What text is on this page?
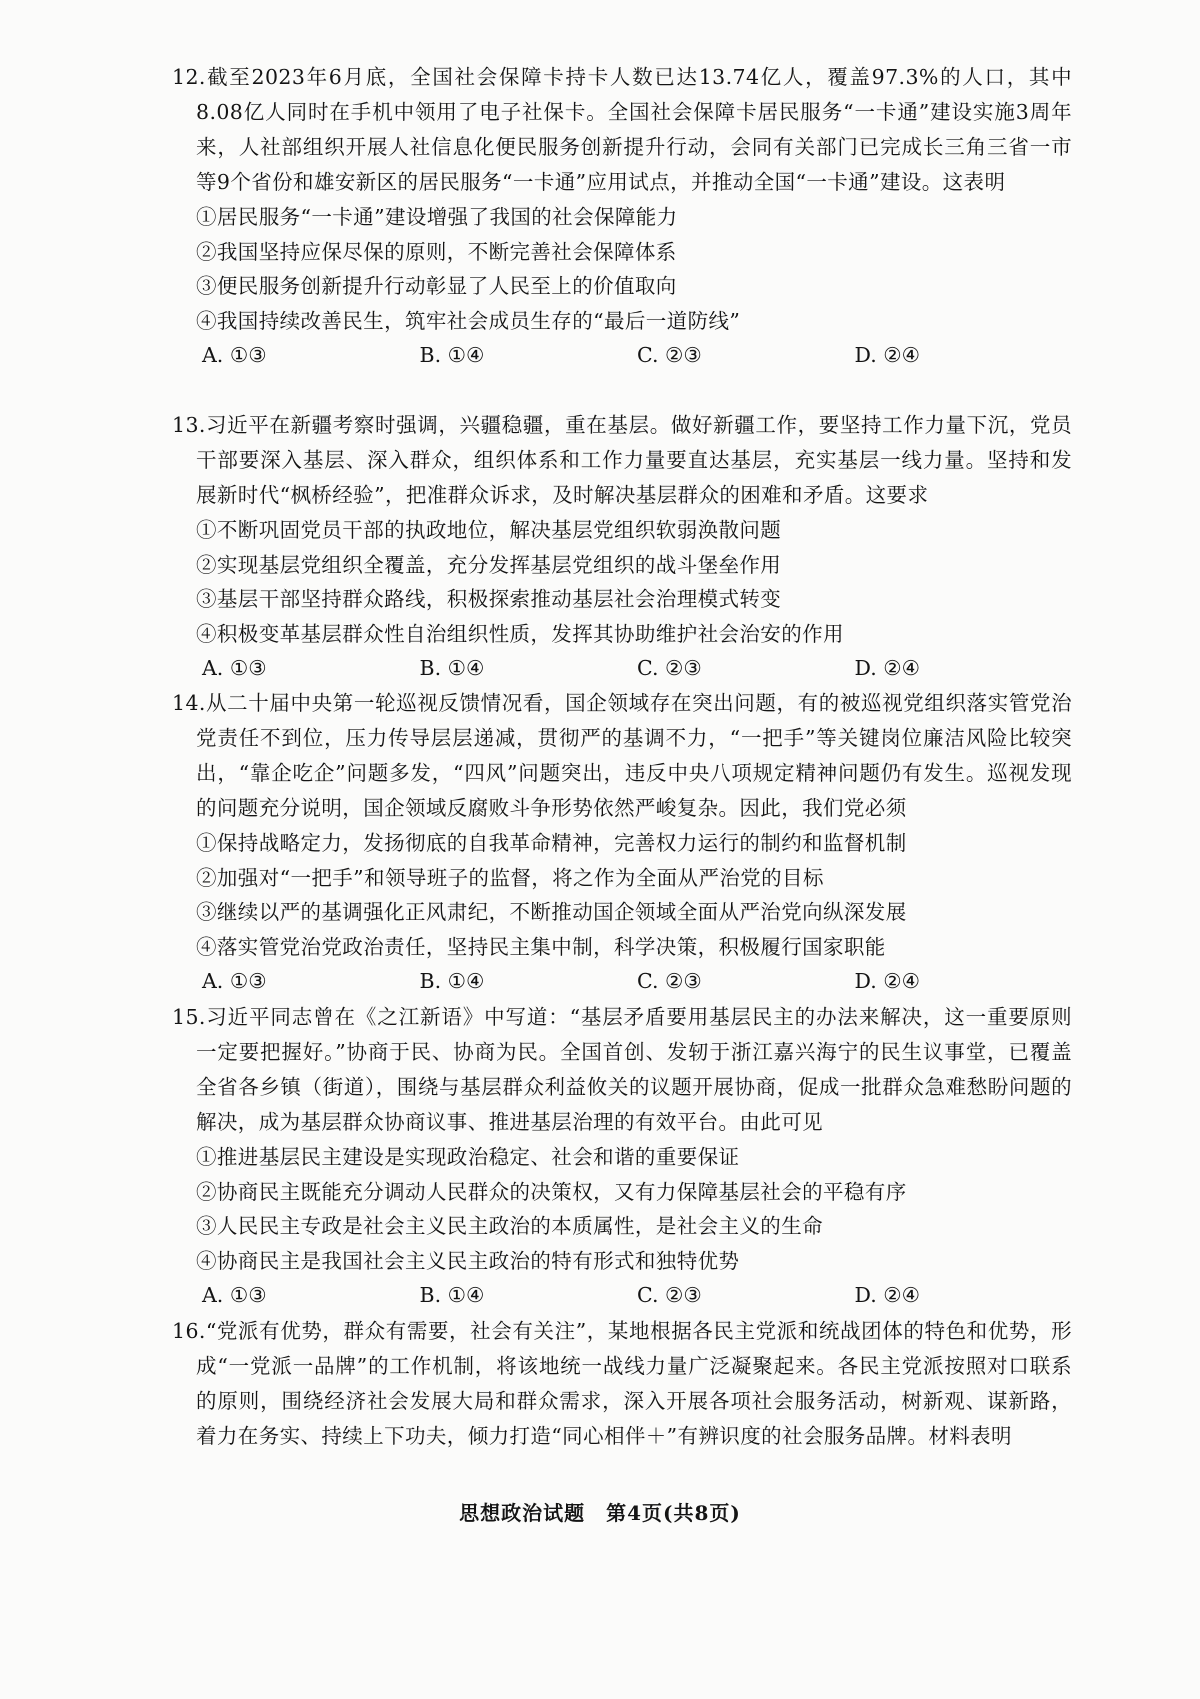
12.截至2023年6月底，全国社会保障卡持卡人数已达13.74亿人，覆盖97.3%的人口，其中8.08亿人同时在手机中领用了电子社保卡。全国社会保障卡居民服务“一卡通”建设实施3周年来，人社部组织开展人社信息化便民服务创新提升行动，会同有关部门已完成长三角三省一市等9个省份和雄安新区的居民服务“一卡通”应用试点，并推动全国“一卡通”建设。这表明

①居民服务“一卡通”建设增强了我国的社会保障能力

②我国坚持应保尽保的原则，不断完善社会保障体系

③便民服务创新提升行动彰显了人民至上的价值取向

④我国持续改善民生，筑牢社会成员生存的“最后一道防线”

A. ①③	B. ①④	C. ②③	D. ②④

13.习近平在新疆考察时强调，兴疆稳疆，重在基层。做好新疆工作，要坚持工作力量下沉，党员干部要深入基层、深入群众，组织体系和工作力量要直达基层，充实基层一线力量。坚持和发展新时代“枫桥经验”，把准群众诉求，及时解决基层群众的困难和矛盾。这要求

①不断巩固党员干部的执政地位，解决基层党组织软弱涣散问题

②实现基层党组织全覆盖，充分发挥基层党组织的战斗堡垒作用

③基层干部坚持群众路线，积极探索推动基层社会治理模式转变

④积极变革基层群众性自治组织性质，发挥其协助维护社会治安的作用

A. ①③	B. ①④	C. ②③	D. ②④

14.从二十届中央第一轮巡视反馈情况看，国企领域存在突出问题，有的被巡视党组织落实管党治党责任不到位，压力传导层层递减，贯彻严的基调不力，“一把手”等关键岗位廉洁风险比较突出，“靠企吃企”问题多发，“四风”问题突出，违反中央八项规定精神问题仍有发生。巡视发现的问题充分说明，国企领域反腐败斗争形势依然严峻复杂。因此，我们党必须

①保持战略定力，发扬彻底的自我革命精神，完善权力运行的制约和监督机制

②加强对“一把手”和领导班子的监督，将之作为全面从严治党的目标

③继续以严的基调强化正风肃纪，不断推动国企领域全面从严治党向纵深发展

④落实管党治党政治责任，坚持民主集中制，科学决策，积极履行国家职能

A. ①③	B. ①④	C. ②③	D. ②④

15.习近平同志曾在《之江新语》中写道：“基层矛盾要用基层民主的办法来解决，这一重要原则一定要把握好。”协商于民、协商为民。全国首创、发轫于浙江嘉兴海宁的民生议事堂，已覆盖全省各乡镇（街道），围绕与基层群众利益攸关的议题开展协商，促成一批群众急难愁盼问题的解决，成为基层群众协商议事、推进基层治理的有效平台。由此可见

①推进基层民主建设是实现政治稳定、社会和谐的重要保证

②协商民主既能充分调动人民群众的决策权，又有力保障基层社会的平稳有序

③人民民主专政是社会主义民主政治的本质属性，是社会主义的生命

④协商民主是我国社会主义民主政治的特有形式和独特优势

A. ①③	B. ①④	C. ②③	D. ②④

16.“党派有优势，群众有需要，社会有关注”，某地根据各民主党派和统战团体的特色和优势，形成“一党派一品牌”的工作机制，将该地统一战线力量广泛凝聚起来。各民主党派按照对口联系的原则，围绕经济社会发展大局和群众需求，深入开展各项社会服务活动，树新观、谋新路，着力在务实、持续上下功夫，倾力打造“同心相伴＋”有辨识度的社会服务品牌。材料表明

思想政治试题　第4页(共8页)
